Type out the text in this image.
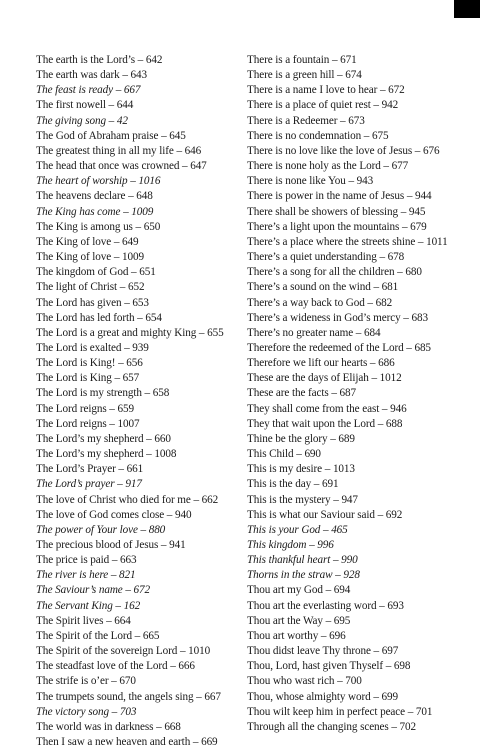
The earth is the Lord’s – 642
The earth was dark – 643
The feast is ready – 667
The first nowell – 644
The giving song – 42
The God of Abraham praise – 645
The greatest thing in all my life – 646
The head that once was crowned – 647
The heart of worship – 1016
The heavens declare – 648
The King has come – 1009
The King is among us – 650
The King of love – 649
The King of love – 1009
The kingdom of God – 651
The light of Christ – 652
The Lord has given – 653
The Lord has led forth – 654
The Lord is a great and mighty King – 655
The Lord is exalted – 939
The Lord is King! – 656
The Lord is King – 657
The Lord is my strength – 658
The Lord reigns – 659
The Lord reigns – 1007
The Lord’s my shepherd – 660
The Lord’s my shepherd – 1008
The Lord’s Prayer – 661
The Lord’s prayer – 917
The love of Christ who died for me – 662
The love of God comes close – 940
The power of Your love – 880
The precious blood of Jesus – 941
The price is paid – 663
The river is here – 821
The Saviour’s name – 672
The Servant King – 162
The Spirit lives – 664
The Spirit of the Lord – 665
The Spirit of the sovereign Lord – 1010
The steadfast love of the Lord – 666
The strife is o’er – 670
The trumpets sound, the angels sing – 667
The victory song – 703
The world was in darkness – 668
Then I saw a new heaven and earth – 669
There is a fountain – 671
There is a green hill – 674
There is a name I love to hear – 672
There is a place of quiet rest – 942
There is a Redeemer – 673
There is no condemnation – 675
There is no love like the love of Jesus – 676
There is none holy as the Lord – 677
There is none like You – 943
There is power in the name of Jesus – 944
There shall be showers of blessing – 945
There’s a light upon the mountains – 679
There’s a place where the streets shine – 1011
There’s a quiet understanding – 678
There’s a song for all the children – 680
There’s a sound on the wind – 681
There’s a way back to God – 682
There’s a wideness in God’s mercy – 683
There’s no greater name – 684
Therefore the redeemed of the Lord – 685
Therefore we lift our hearts – 686
These are the days of Elijah – 1012
These are the facts – 687
They shall come from the east – 946
They that wait upon the Lord – 688
Thine be the glory – 689
This Child – 690
This is my desire – 1013
This is the day – 691
This is the mystery – 947
This is what our Saviour said – 692
This is your God – 465
This kingdom – 996
This thankful heart – 990
Thorns in the straw – 928
Thou art my God – 694
Thou art the everlasting word – 693
Thou art the Way – 695
Thou art worthy – 696
Thou didst leave Thy throne – 697
Thou, Lord, hast given Thyself – 698
Thou who wast rich – 700
Thou, whose almighty word – 699
Thou wilt keep him in perfect peace – 701
Through all the changing scenes – 702
